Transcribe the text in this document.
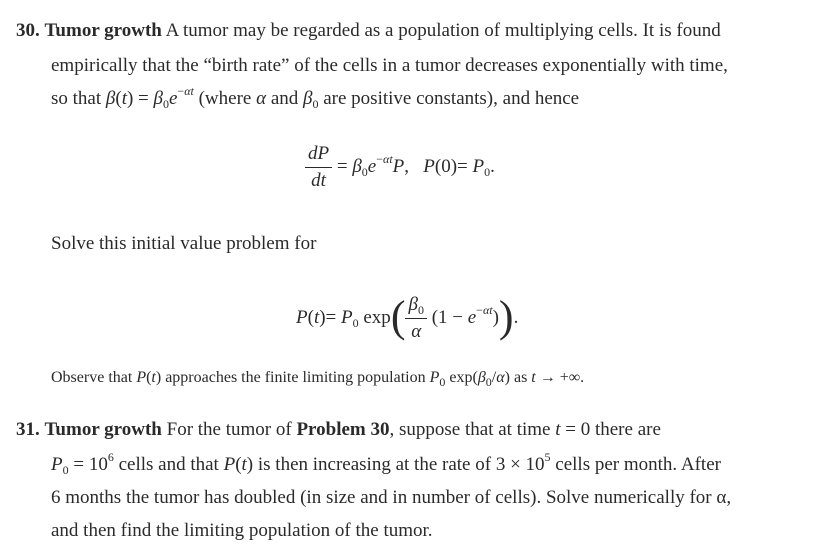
30. Tumor growth A tumor may be regarded as a population of multiplying cells. It is found
empirically that the “birth rate” of the cells in a tumor decreases exponentially with time,
so that $\beta(t) = \beta_0e^{-\alpha t}$ (where α and $\beta_0$ are positive constants), and hence
$\frac{dP}{dt} = \beta_0e^{-\alpha t}P$,   $P(0)= P_0$.
Solve this initial value problem for
$P(t)= P_0$ $\exp( \frac{\beta_0}{\alpha} (1 - e^{-\alpha t}))$.
Observe that P(t) approaches the finite limiting population $P_0$ $\exp(\beta_0/\alpha)$ as t → +∞.
31. Tumor growth For the tumor of Problem 30, suppose that at time t = 0 there are
$P_0 = 10^6$ cells and that P(t) is then increasing at the rate of $3 \times 10^5$ cells per month. After
6 months the tumor has doubled (in size and in number of cells). Solve numerically for α,
and then find the limiting population of the tumor.
